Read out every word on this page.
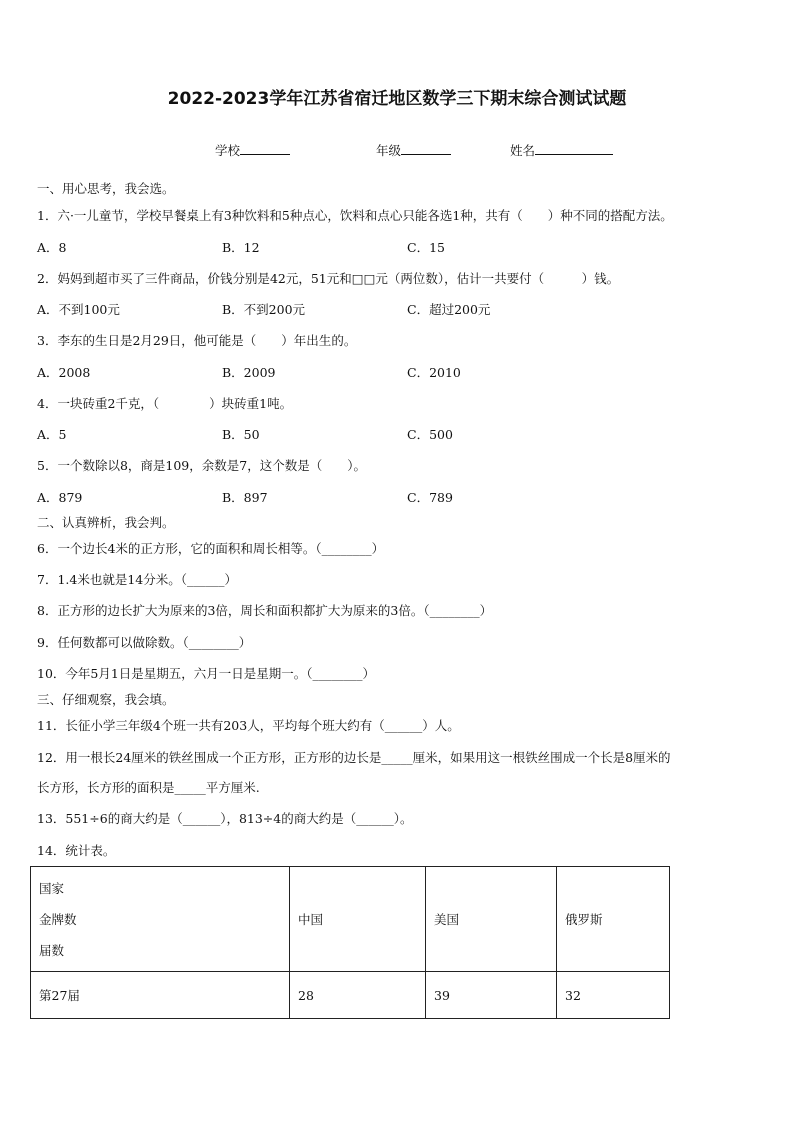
2022-2023学年江苏省宿迁地区数学三下期末综合测试试题
学校	年级	姓名
一、用心思考，我会选。
1．六·一儿童节，学校早餐桌上有3种饮料和5种点心，饮料和点心只能各选1种，共有（　　）种不同的搭配方法。
A．8	B．12	C．15
2．妈妈到超市买了三件商品，价钱分别是42元，51元和□□元（两位数），估计一共要付（　　　）钱。
A．不到100元	B．不到200元	C．超过200元
3．李东的生日是2月29日，他可能是（　　）年出生的。
A．2008	B．2009	C．2010
4．一块砖重2千克，（　　　　）块砖重1吨。
A．5	B．50	C．500
5．一个数除以8，商是109，余数是7，这个数是（　　）。
A．879	B．897	C．789
二、认真辨析，我会判。
6．一个边长4米的正方形，它的面积和周长相等。（________）
7．1.4米也就是14分米。（______）
8．正方形的边长扩大为原来的3倍，周长和面积都扩大为原来的3倍。（________）
9．任何数都可以做除数。（________）
10．今年5月1日是星期五，六月一日是星期一。（________）
三、仔细观察，我会填。
11．长征小学三年级4个班一共有203人，平均每个班大约有（______）人。
12．用一根长24厘米的铁丝围成一个正方形，正方形的边长是_____厘米，如果用这一根铁丝围成一个长是8厘米的
长方形，长方形的面积是_____平方厘米.
13．551÷6的商大约是（______），813÷4的商大约是（______）。
14．统计表。
国家
金牌数
届数	中国	美国	俄罗斯
第27届	28	39	32
